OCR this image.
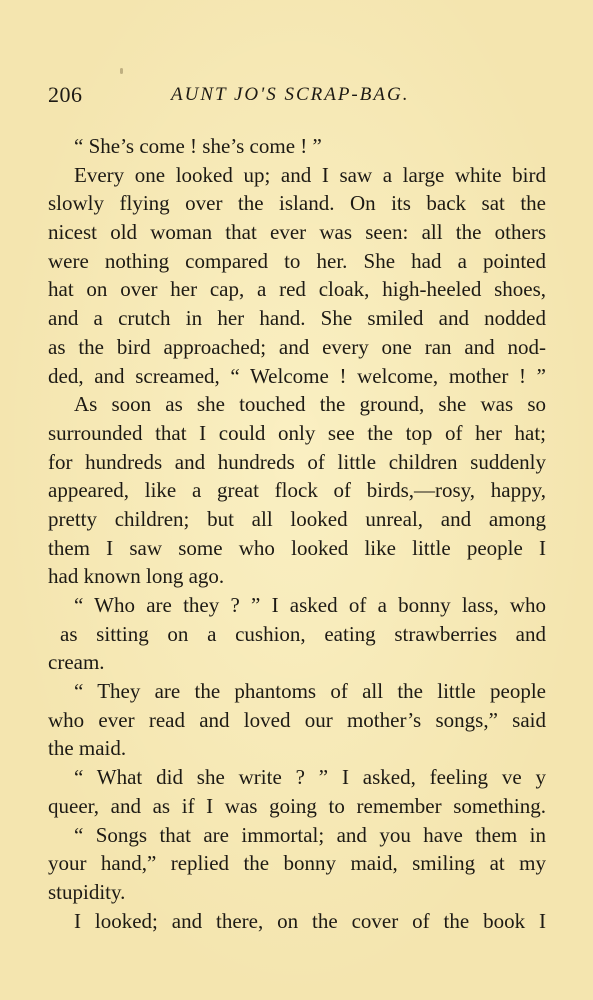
206	AUNT JO'S SCRAP-BAG.
“ She’s come ! she’s come ! ”
Every one looked up; and I saw a large white bird
slowly flying over the island. On its back sat the
nicest old woman that ever was seen: all the others
were nothing compared to her. She had a pointed
hat on over her cap, a red cloak, high-heeled shoes,
and a crutch in her hand. She smiled and nodded
as the bird approached; and every one ran and nod-
ded, and screamed, “ Welcome ! welcome, mother ! ”
As soon as she touched the ground, she was so
surrounded that I could only see the top of her hat;
for hundreds and hundreds of little children suddenly
appeared, like a great flock of birds,—rosy, happy,
pretty children; but all looked unreal, and among
them I saw some who looked like little people I
had known long ago.
“ Who are they ? ” I asked of a bonny lass, who
as sitting on a cushion, eating strawberries and
cream.
“ They are the phantoms of all the little people
who ever read and loved our mother’s songs,” said
the maid.
“ What did she write ? ” I asked, feeling ve y
queer, and as if I was going to remember something.
“ Songs that are immortal; and you have them in
your hand,” replied the bonny maid, smiling at my
stupidity.
I looked; and there, on the cover of the book I
